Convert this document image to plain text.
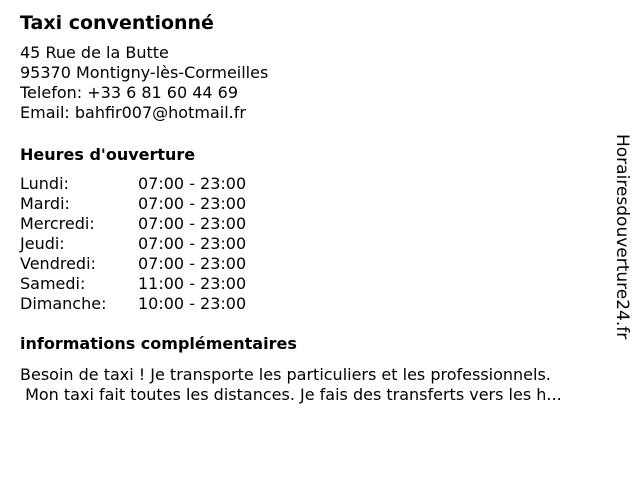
Taxi conventionné
45 Rue de la Butte
95370 Montigny-lès-Cormeilles
Telefon: +33 6 81 60 44 69
Email: bahfir007@hotmail.fr
Heures d'ouverture
Lundi:	07:00 - 23:00
Mardi:	07:00 - 23:00
Mercredi:	07:00 - 23:00
Jeudi:	07:00 - 23:00
Vendredi:	07:00 - 23:00
Samedi:	11:00 - 23:00
Dimanche:	10:00 - 23:00
informations complémentaires
Besoin de taxi ! Je transporte les particuliers et les professionnels.
Mon taxi fait toutes les distances. Je fais des transferts vers les h...
Horairesdouverture24.fr
